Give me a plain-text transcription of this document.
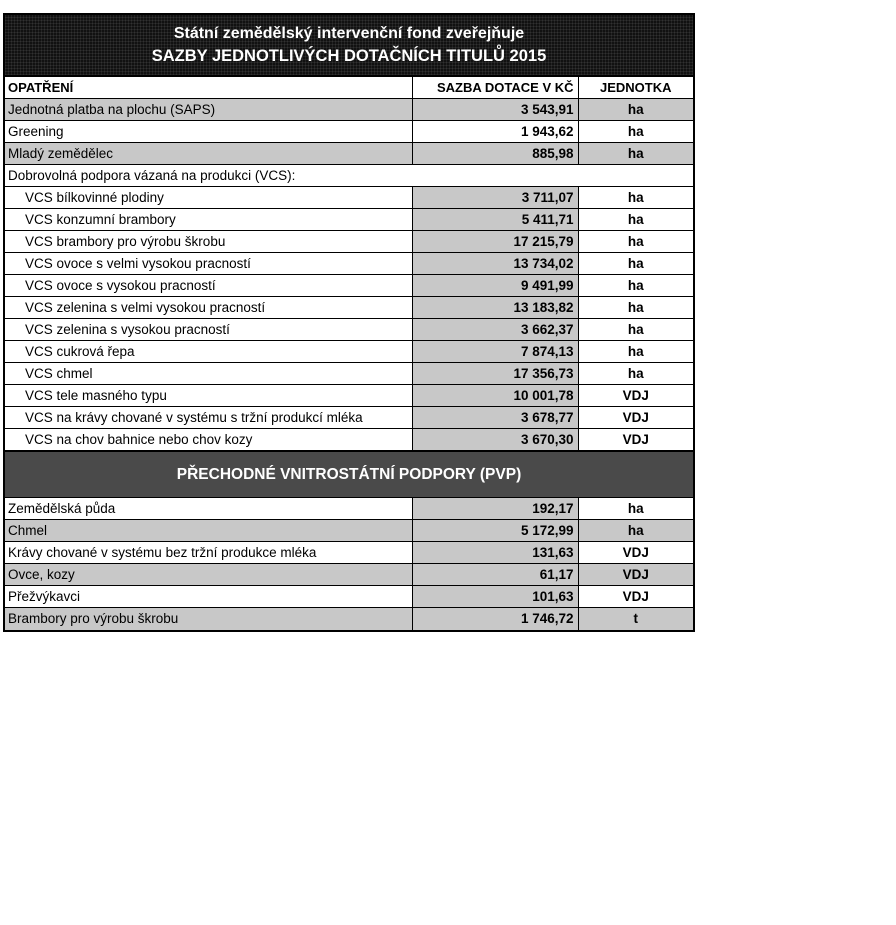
Státní zemědělský intervenční fond zveřejňuje
SAZBY JEDNOTLIVÝCH DOTAČNÍCH TITULŮ 2015
OPATŘENÍ	SAZBA DOTACE V KČ	JEDNOTKA
Jednotná platba na plochu (SAPS)	3 543,91	ha
Greening	1 943,62	ha
Mladý zemědělec	885,98	ha
Dobrovolná podpora vázaná na produkci (VCS):		
VCS bílkovinné plodiny	3 711,07	ha
VCS konzumní brambory	5 411,71	ha
VCS brambory pro výrobu škrobu	17 215,79	ha
VCS ovoce s velmi vysokou pracností	13 734,02	ha
VCS ovoce s vysokou pracností	9 491,99	ha
VCS zelenina s velmi vysokou pracností	13 183,82	ha
VCS zelenina s vysokou pracností	3 662,37	ha
VCS cukrová řepa	7 874,13	ha
VCS chmel	17 356,73	ha
VCS tele masného typu	10 001,78	VDJ
VCS na krávy chované v systému s tržní produkcí mléka	3 678,77	VDJ
VCS na chov bahnice nebo chov kozy	3 670,30	VDJ
PŘECHODNÉ VNITROSTÁTNÍ PODPORY (PVP)
Zemědělská půda	192,17	ha
Chmel	5 172,99	ha
Krávy chované v systému bez tržní produkce mléka	131,63	VDJ
Ovce, kozy	61,17	VDJ
Přežvýkavci	101,63	VDJ
Brambory pro výrobu škrobu	1 746,72	t
